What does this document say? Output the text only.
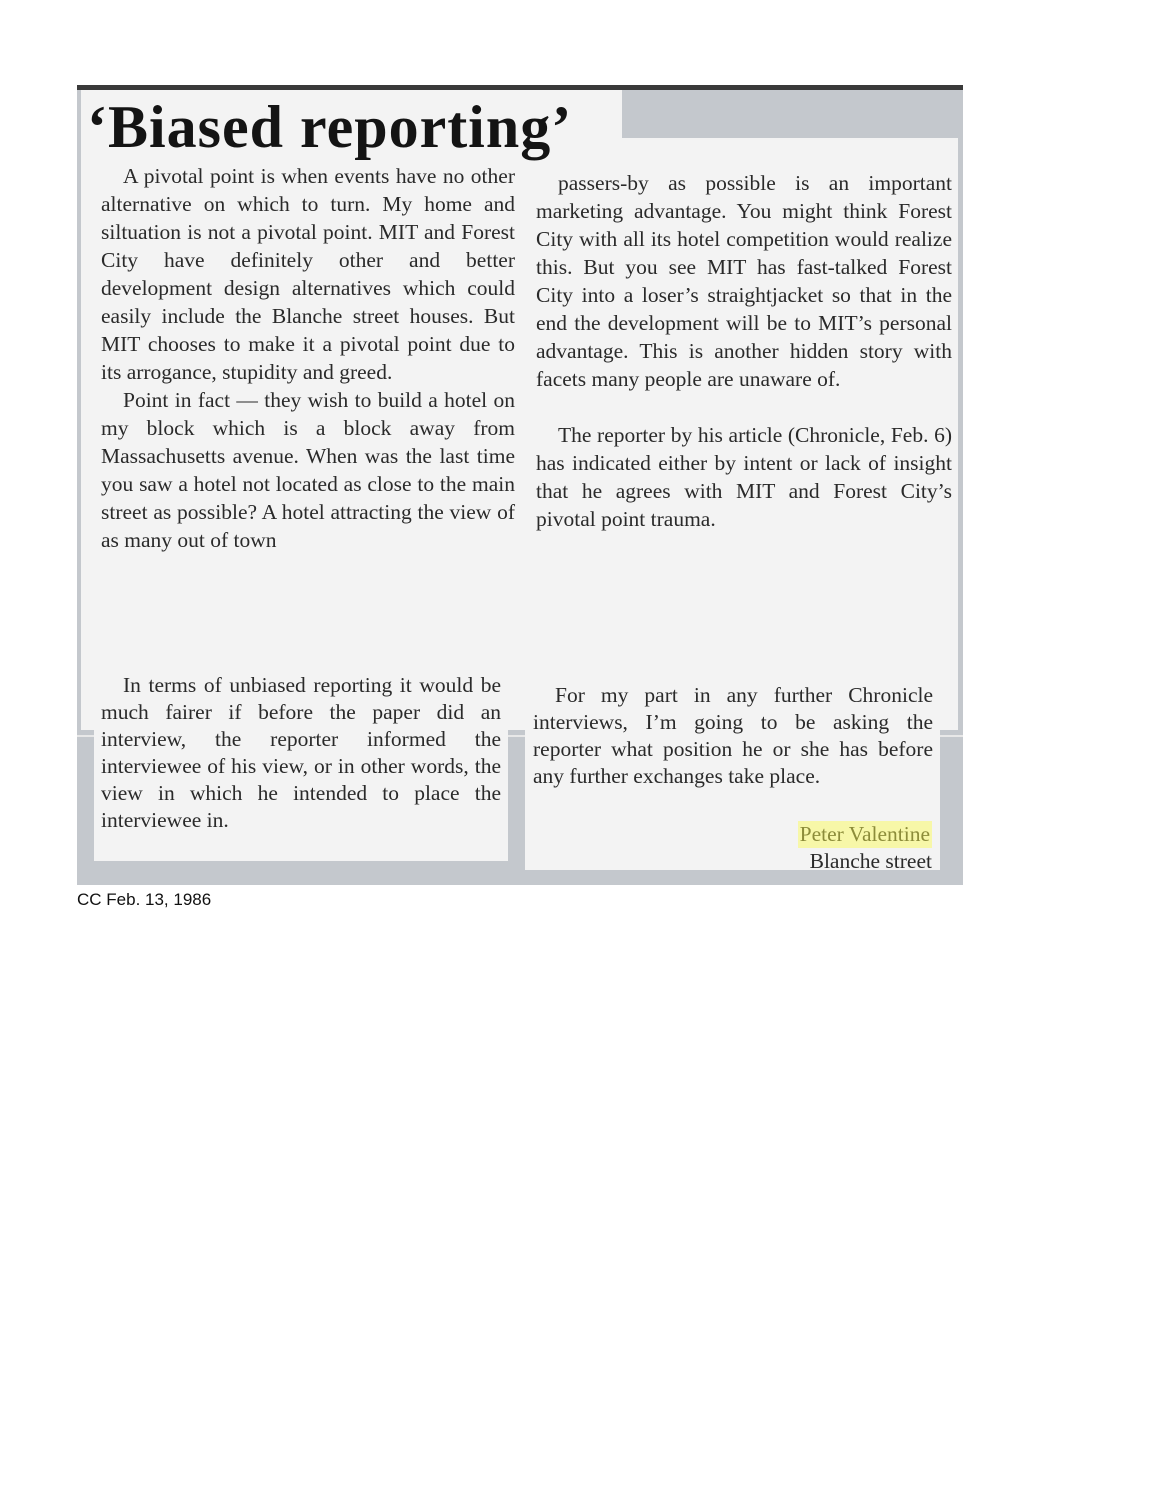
‘Biased reporting’

A pivotal point is when events have no other alternative on which to turn. My home and siltuation is not a pivotal point. MIT and Forest City have definitely other and better development design alternatives which could easily include the Blanche street houses. But MIT chooses to make it a pivotal point due to its arrogance, stupidity and greed.

Point in fact — they wish to build a hotel on my block which is a block away from Massachusetts avenue. When was the last time you saw a hotel not located as close to the main street as possible? A hotel attracting the view of as many out of town

passers-by as possible is an important marketing advantage. You might think Forest City with all its hotel competition would realize this. But you see MIT has fast-talked Forest City into a loser’s straightjacket so that in the end the development will be to MIT’s personal advantage. This is another hidden story with facets many people are unaware of.

The reporter by his article (Chronicle, Feb. 6) has indicated either by intent or lack of insight that he agrees with MIT and Forest City’s pivotal point trauma.

In terms of unbiased reporting it would be much fairer if before the paper did an interview, the reporter informed the interviewee of his view, or in other words, the view in which he intended to place the interviewee in.

For my part in any further Chronicle interviews, I’m going to be asking the reporter what position he or she has before any further exchanges take place.

Peter Valentine
Blanche street
CC Feb. 13, 1986
